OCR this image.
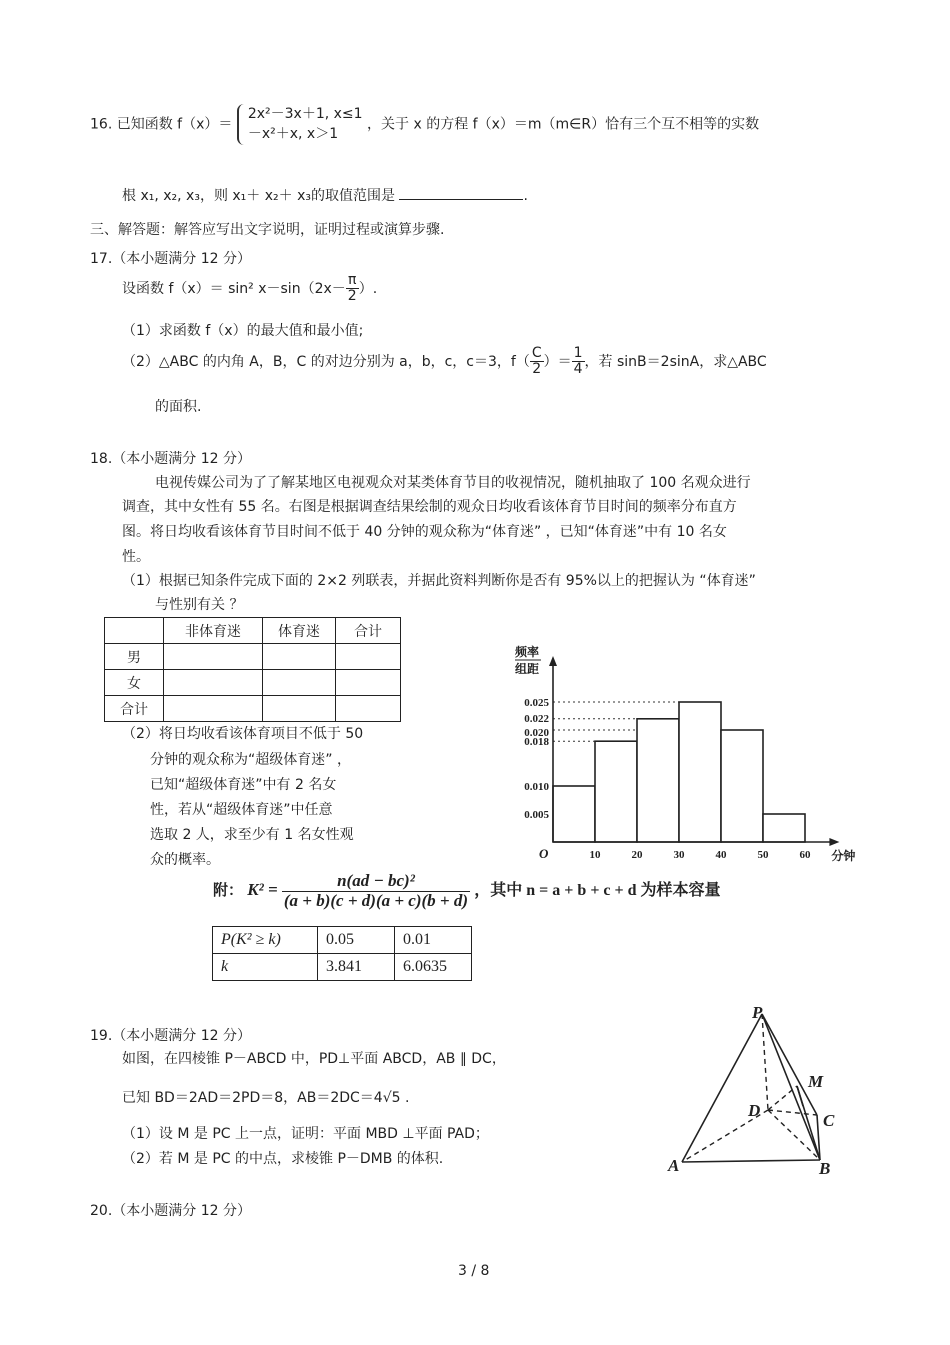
16. 已知函数 f（x）＝
2x²－3x＋1, x≤1
－x²＋x, x＞1
，关于 x 的方程 f（x）＝m（m∈R）恰有三个互不相等的实数
根 x₁, x₂, x₃，则 x₁＋ x₂＋ x₃的取值范围是	.
三、解答题：解答应写出文字说明，证明过程或演算步骤.
17.（本小题满分 12 分）
设函数 f（x）＝ sin² $x-\sin(2x- \frac{\pi}{2}$ ）.
（1）求函数 f（x）的最大值和最小值;
（2）△ABC 的内角 A，B，C 的对边分别为 a，b，c，c＝3，$f( \frac{C}{2}$ ）＝ $\frac{1}{4}$ ，若 sinB＝2sinA，求△ABC
的面积.
18.（本小题满分 12 分）
电视传媒公司为了了解某地区电视观众对某类体育节目的收视情况，随机抽取了 100 名观众进行
调查，其中女性有 55 名。右图是根据调查结果绘制的观众日均收看该体育节目时间的频率分布直方
图。将日均收看该体育节目时间不低于 40 分钟的观众称为“体育迷” ，已知“体育迷”中有 10 名女
性。
（1）根据已知条件完成下面的 2×2 列联表，并据此资料判断你是否有 95%以上的把握认为 “体育迷”
与性别有关 ？
	非体育迷	体育迷	合计
男			
女			
合计			
（2）将日均收看该体育项目不低于 50
分钟的观众称为“超级体育迷” ，
已知“超级体育迷”中有 2 名女
性，若从“超级体育迷”中任意
选取 2 人，求至少有 1 名女性观
众的概率。
0.025
0.022
0.020
0.018
0.010
0.005
10	20	30	40	50	60
O	分钟
频率
组距
附： $K^2 = \frac{\text{n(ad − bc)²}}{(a + b)(c + d)(a + c)(b + d)}$ ，其中 n = a + b + c + d 为样本容量
P(K² ≥ k)	0.05	0.01
k	3.841	6.0635
19.（本小题满分 12 分）
如图，在四棱锥 P－ABCD 中，PD⊥平面 ABCD，AB ∥ DC，
已知 BD＝2AD＝2PD＝8，AB＝2DC＝4√5 .
（1）设 M 是 PC 上一点，证明：平面 MBD ⊥平面 PAD；
（2）若 M 是 PC 的中点，求棱锥 P－DMB 的体积.
P
M
D
C
A	B
20.（本小题满分 12 分）
3 / 8
